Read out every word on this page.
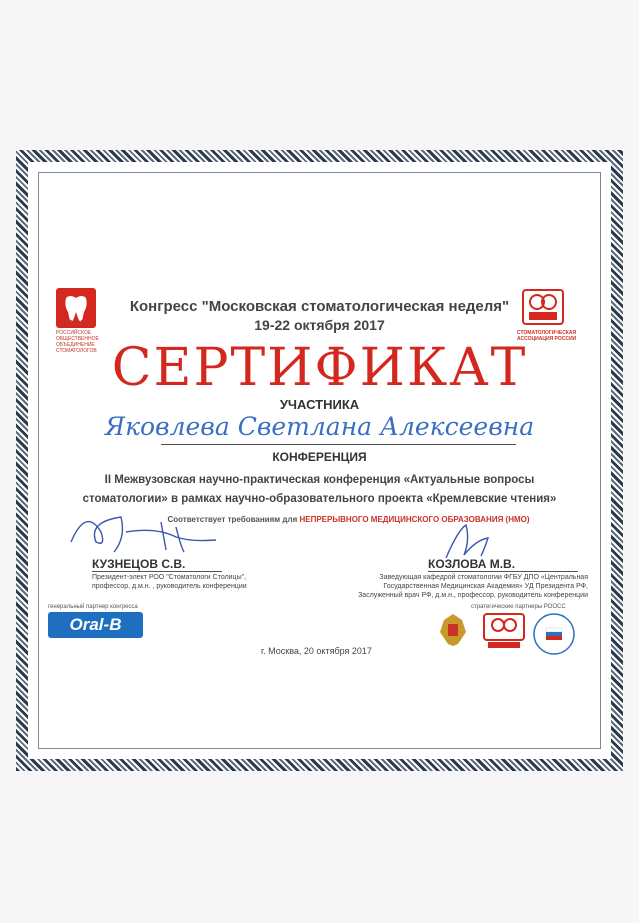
РООСС
РОССИЙСКОЕ ОБЩЕСТВЕННОЕ ОБЪЕДИНЕНИЕ СТОМАТОЛОГОВ
СТОМАТОЛОГИЧЕСКАЯ
АССОЦИАЦИЯ РОССИИ
Конгресс "Московская стоматологическая неделя"
19-22 октября 2017
СЕРТИФИКАТ
УЧАСТНИКА
Яковлева Светлана Алексеевна
КОНФЕРЕНЦИЯ
II Межвузовская научно-практическая конференция «Актуальные вопросы
стоматологии» в рамках научно-образовательного проекта «Кремлевские чтения»
Соответствует требованиям для НЕПРЕРЫВНОГО МЕДИЦИНСКОГО ОБРАЗОВАНИЯ (НМО)
КУЗНЕЦОВ С.В.
Президент-элект РОО "Стоматологи Столицы",
профессор, д.м.н. , руководитель конференции
КОЗЛОВА М.В.
Заведующая кафедрой стоматологии ФГБУ ДПО «Центральная
Государственная Медицинская Академия» УД Президента РФ,
Заслуженный врач РФ, д.м.н., профессор, руководитель конференции
генеральный партнер конгресса
Oral-B
г. Москва, 20 октября 2017
стратегические партнеры РООСС
